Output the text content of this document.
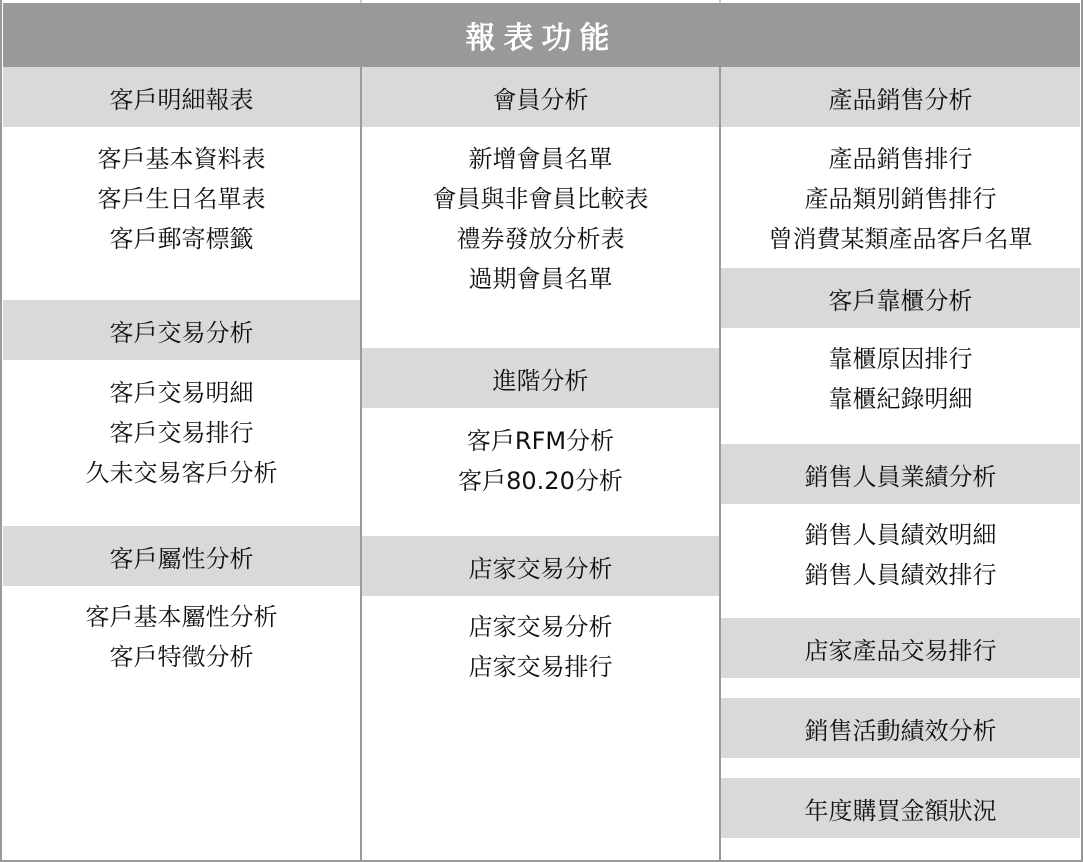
報表功能
客戶明細報表
客戶基本資料表
客戶生日名單表
客戶郵寄標籤
客戶交易分析
客戶交易明細
客戶交易排行
久未交易客戶分析
客戶屬性分析
客戶基本屬性分析
客戶特徵分析
會員分析
新增會員名單
會員與非會員比較表
禮券發放分析表
過期會員名單
進階分析
客戶RFM分析
客戶80.20分析
店家交易分析
店家交易分析
店家交易排行
產品銷售分析
產品銷售排行
產品類別銷售排行
曾消費某類產品客戶名單
客戶靠櫃分析
靠櫃原因排行
靠櫃紀錄明細
銷售人員業績分析
銷售人員績效明細
銷售人員績效排行
店家產品交易排行
銷售活動績效分析
年度購買金額狀況
